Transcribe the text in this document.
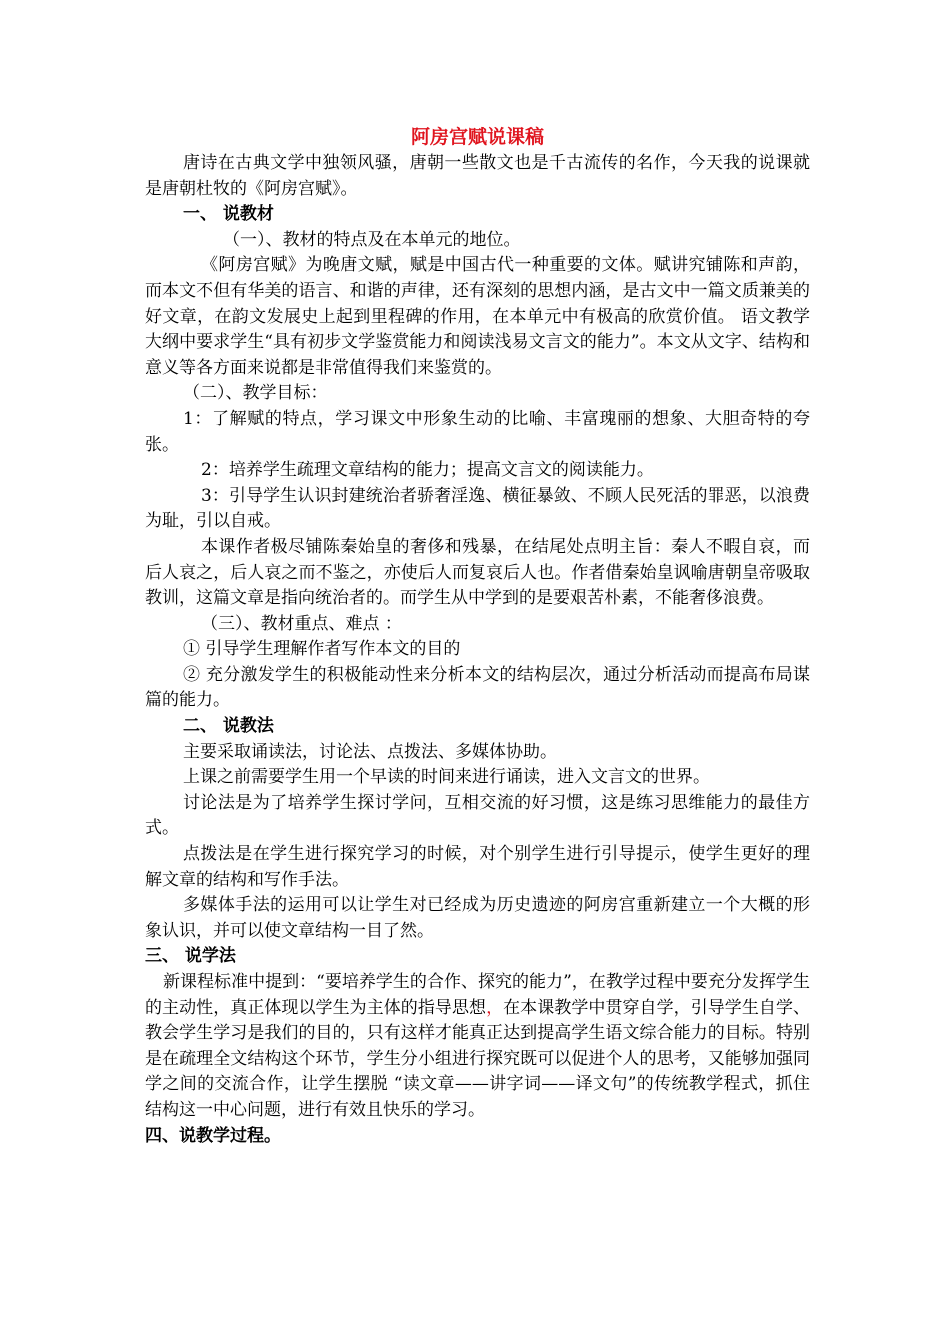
阿房宫赋说课稿

唐诗在古典文学中独领风骚，唐朝一些散文也是千古流传的名作，今天我的说课就是唐朝杜牧的《阿房宫赋》。

一、 说教材

（一）、教材的特点及在本单元的地位。

《阿房宫赋》为晚唐文赋，赋是中国古代一种重要的文体。赋讲究铺陈和声韵，而本文不但有华美的语言、和谐的声律，还有深刻的思想内涵，是古文中一篇文质兼美的好文章，在韵文发展史上起到里程碑的作用，在本单元中有极高的欣赏价值。 语文教学大纲中要求学生“具有初步文学鉴赏能力和阅读浅易文言文的能力”。本文从文字、结构和意义等各方面来说都是非常值得我们来鉴赏的。

（二）、教学目标：

1：了解赋的特点，学习课文中形象生动的比喻、丰富瑰丽的想象、大胆奇特的夸张。

2：培养学生疏理文章结构的能力；提高文言文的阅读能力。

3：引导学生认识封建统治者骄奢淫逸、横征暴敛、不顾人民死活的罪恶，以浪费为耻，引以自戒。

本课作者极尽铺陈秦始皇的奢侈和残暴，在结尾处点明主旨：秦人不暇自哀，而后人哀之，后人哀之而不鉴之，亦使后人而复哀后人也。作者借秦始皇讽喻唐朝皇帝吸取教训，这篇文章是指向统治者的。而学生从中学到的是要艰苦朴素，不能奢侈浪费。

（三）、教材重点、难点 ：

① 引导学生理解作者写作本文的目的

② 充分激发学生的积极能动性来分析本文的结构层次，通过分析活动而提高布局谋篇的能力。

二、 说教法

主要采取诵读法，讨论法、点拨法、多媒体协助。

上课之前需要学生用一个早读的时间来进行诵读，进入文言文的世界。

讨论法是为了培养学生探讨学问，互相交流的好习惯，这是练习思维能力的最佳方式。

点拨法是在学生进行探究学习的时候，对个别学生进行引导提示，使学生更好的理解文章的结构和写作手法。

多媒体手法的运用可以让学生对已经成为历史遗迹的阿房宫重新建立一个大概的形象认识，并可以使文章结构一目了然。

三、 说学法

新课程标准中提到：“要培养学生的合作、探究的能力”，在教学过程中要充分发挥学生的主动性，真正体现以学生为主体的指导思想，在本课教学中贯穿自学，引导学生自学、教会学生学习是我们的目的，只有这样才能真正达到提高学生语文综合能力的目标。特别是在疏理全文结构这个环节，学生分小组进行探究既可以促进个人的思考，又能够加强同学之间的交流合作，让学生摆脱 “读文章——讲字词——译文句”的传统教学程式，抓住结构这一中心问题，进行有效且快乐的学习。

四、说教学过程。
